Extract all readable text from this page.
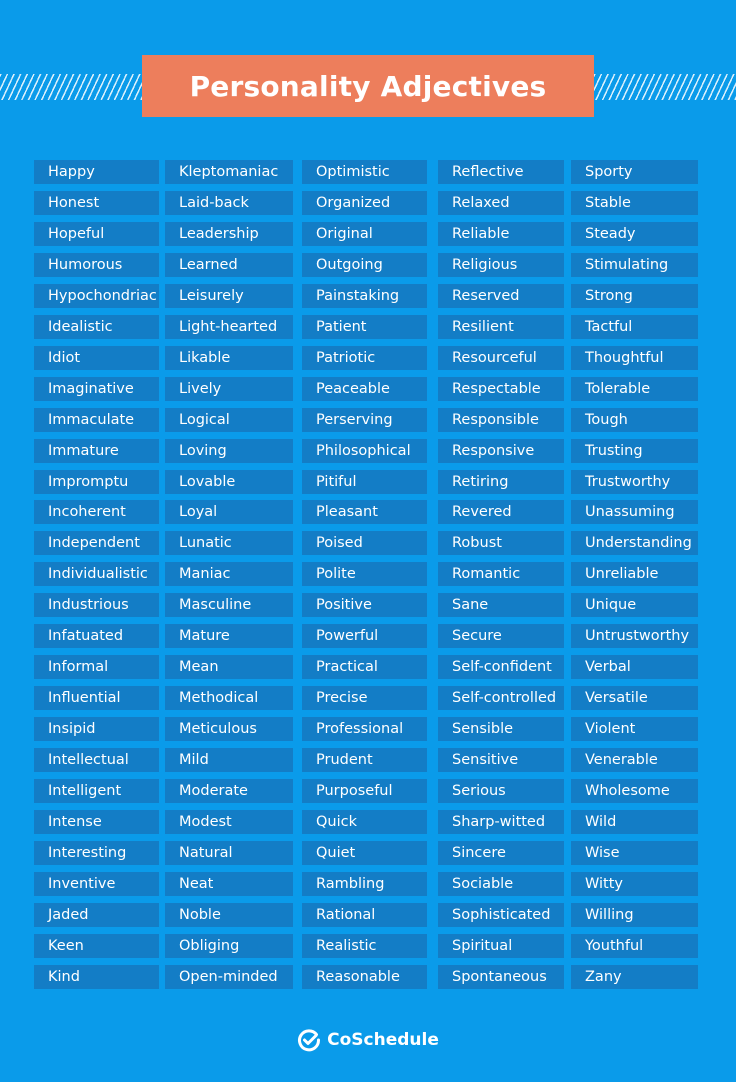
Personality Adjectives
Happy
Honest
Hopeful
Humorous
Hypochondriac
Idealistic
Idiot
Imaginative
Immaculate
Immature
Impromptu
Incoherent
Independent
Individualistic
Industrious
Infatuated
Informal
Influential
Insipid
Intellectual
Intelligent
Intense
Interesting
Inventive
Jaded
Keen
Kind
Kleptomaniac
Laid-back
Leadership
Learned
Leisurely
Light-hearted
Likable
Lively
Logical
Loving
Lovable
Loyal
Lunatic
Maniac
Masculine
Mature
Mean
Methodical
Meticulous
Mild
Moderate
Modest
Natural
Neat
Noble
Obliging
Open-minded
Optimistic
Organized
Original
Outgoing
Painstaking
Patient
Patriotic
Peaceable
Perserving
Philosophical
Pitiful
Pleasant
Poised
Polite
Positive
Powerful
Practical
Precise
Professional
Prudent
Purposeful
Quick
Quiet
Rambling
Rational
Realistic
Reasonable
Reflective
Relaxed
Reliable
Religious
Reserved
Resilient
Resourceful
Respectable
Responsible
Responsive
Retiring
Revered
Robust
Romantic
Sane
Secure
Self-confident
Self-controlled
Sensible
Sensitive
Serious
Sharp-witted
Sincere
Sociable
Sophisticated
Spiritual
Spontaneous
Sporty
Stable
Steady
Stimulating
Strong
Tactful
Thoughtful
Tolerable
Tough
Trusting
Trustworthy
Unassuming
Understanding
Unreliable
Unique
Untrustworthy
Verbal
Versatile
Violent
Venerable
Wholesome
Wild
Wise
Witty
Willing
Youthful
Zany
CoSchedule
